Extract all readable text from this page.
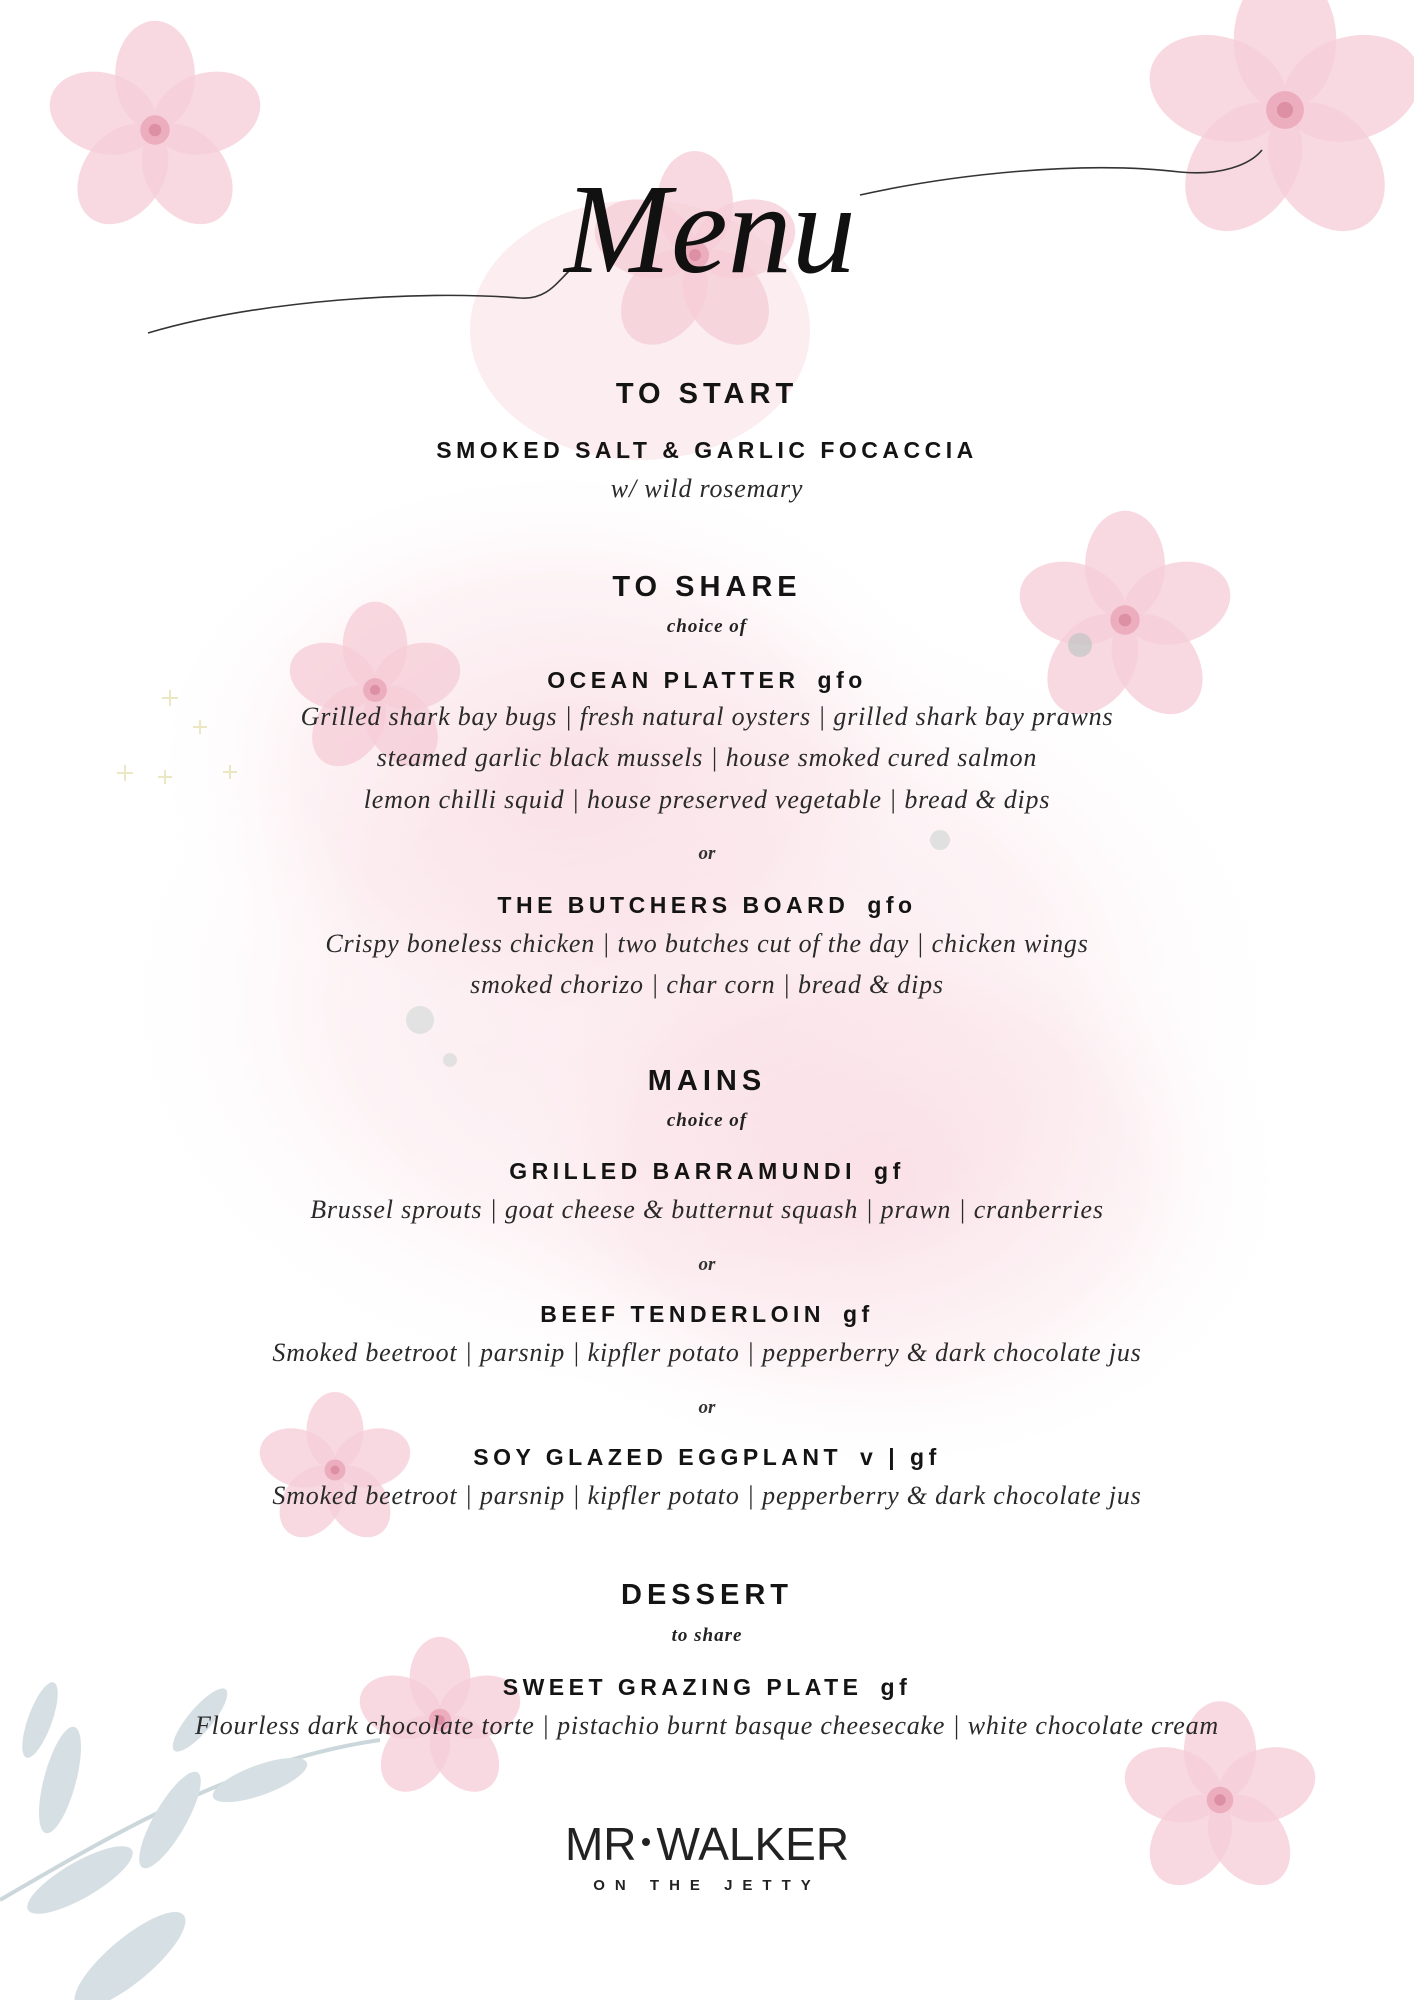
Menu
TO START
SMOKED SALT & GARLIC FOCACCIA
w/ wild rosemary
TO SHARE
choice of
OCEAN PLATTER gfo
Grilled shark bay bugs | fresh natural oysters | grilled shark bay prawns
steamed garlic black mussels | house smoked cured salmon
lemon chilli squid | house preserved vegetable | bread & dips
or
THE BUTCHERS BOARD gfo
Crispy boneless chicken | two butches cut of the day | chicken wings
smoked chorizo | char corn | bread & dips
MAINS
choice of
GRILLED BARRAMUNDI gf
Brussel sprouts | goat cheese & butternut squash | prawn | cranberries
or
BEEF TENDERLOIN gf
Smoked beetroot | parsnip | kipfler potato | pepperberry & dark chocolate jus
or
SOY GLAZED EGGPLANT v | gf
Smoked beetroot | parsnip | kipfler potato | pepperberry & dark chocolate jus
DESSERT
to share
SWEET GRAZING PLATE gf
Flourless dark chocolate torte | pistachio burnt basque cheesecake | white chocolate cream
MR WALKER
ON THE JETTY
